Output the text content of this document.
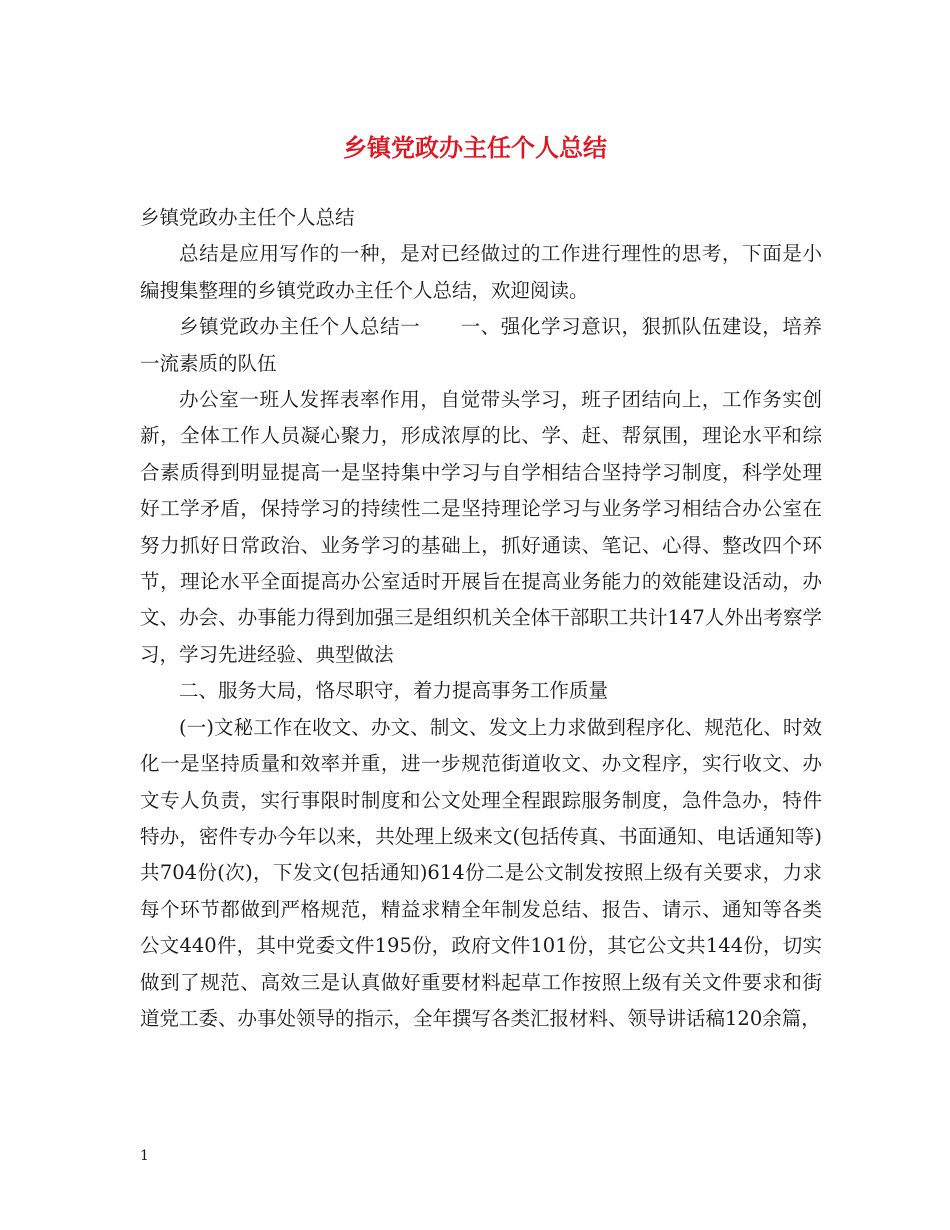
乡镇党政办主任个人总结

乡镇党政办主任个人总结

总结是应用写作的一种，是对已经做过的工作进行理性的思考，下面是小编搜集整理的乡镇党政办主任个人总结，欢迎阅读。

乡镇党政办主任个人总结一　　一、强化学习意识，狠抓队伍建设，培养一流素质的队伍

办公室一班人发挥表率作用，自觉带头学习，班子团结向上，工作务实创新，全体工作人员凝心聚力，形成浓厚的比、学、赶、帮氛围，理论水平和综合素质得到明显提高一是坚持集中学习与自学相结合坚持学习制度，科学处理好工学矛盾，保持学习的持续性二是坚持理论学习与业务学习相结合办公室在努力抓好日常政治、业务学习的基础上，抓好通读、笔记、心得、整改四个环节，理论水平全面提高办公室适时开展旨在提高业务能力的效能建设活动，办文、办会、办事能力得到加强三是组织机关全体干部职工共计147人外出考察学习，学习先进经验、典型做法

二、服务大局，恪尽职守，着力提高事务工作质量

(一)文秘工作在收文、办文、制文、发文上力求做到程序化、规范化、时效化一是坚持质量和效率并重，进一步规范街道收文、办文程序，实行收文、办文专人负责，实行事限时制度和公文处理全程跟踪服务制度，急件急办，特件特办，密件专办今年以来，共处理上级来文(包括传真、书面通知、电话通知等)共704份(次)，下发文(包括通知)614份二是公文制发按照上级有关要求，力求每个环节都做到严格规范，精益求精全年制发总结、报告、请示、通知等各类公文440件，其中党委文件195份，政府文件101份，其它公文共144份，切实做到了规范、高效三是认真做好重要材料起草工作按照上级有关文件要求和街道党工委、办事处领导的指示，全年撰写各类汇报材料、领导讲话稿120余篇，

1
